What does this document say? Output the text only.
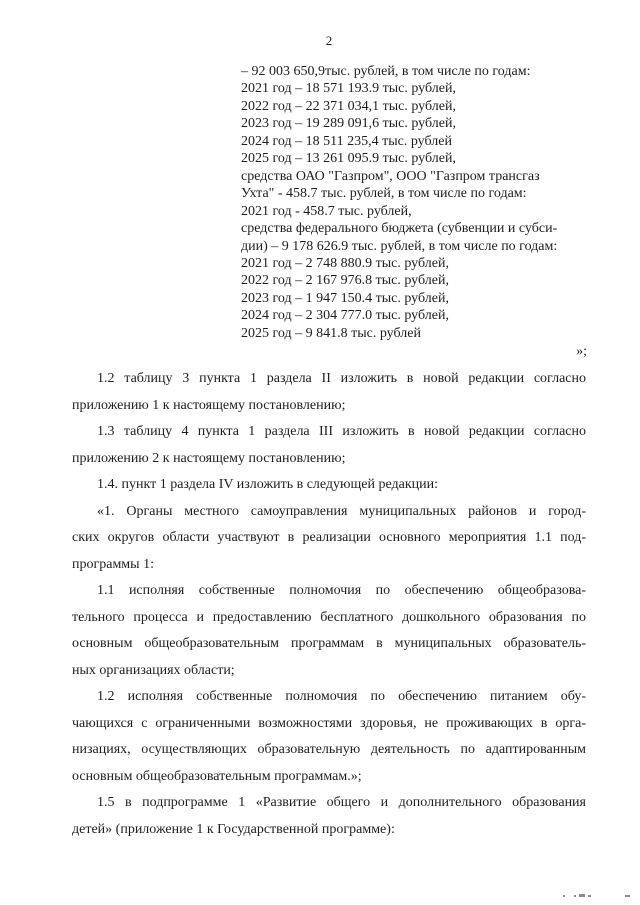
2
– 92 003 650,9тыс. рублей, в том числе по годам:
2021 год – 18 571 193.9 тыс. рублей,
2022 год – 22 371 034,1 тыс. рублей,
2023 год – 19 289 091,6 тыс. рублей,
2024 год – 18 511 235,4 тыс. рублей
2025 год – 13 261 095.9 тыс. рублей,
средства ОАО "Газпром", ООО "Газпром трансгаз
Ухта" - 458.7 тыс. рублей, в том числе по годам:
2021 год - 458.7 тыс. рублей,
средства федерального бюджета (субвенции и субси-
дии) – 9 178 626.9 тыс. рублей, в том числе по годам:
2021 год – 2 748 880.9 тыс. рублей,
2022 год – 2 167 976.8 тыс. рублей,
2023 год – 1 947 150.4 тыс. рублей,
2024 год – 2 304 777.0 тыс. рублей,
2025 год – 9 841.8 тыс. рублей
»;
1.2 таблицу 3 пункта 1 раздела II изложить в новой редакции согласно
приложению 1 к настоящему постановлению;
1.3 таблицу 4 пункта 1 раздела III изложить в новой редакции согласно
приложению 2 к настоящему постановлению;
1.4. пункт 1 раздела IV изложить в следующей редакции:
«1. Органы местного самоуправления муниципальных районов и город-
ских округов области участвуют в реализации основного мероприятия 1.1 под-
программы 1:
1.1 исполняя собственные полномочия по обеспечению общеобразова-
тельного процесса и предоставлению бесплатного дошкольного образования по
основным общеобразовательным программам в муниципальных образователь-
ных организациях области;
1.2 исполняя собственные полномочия по обеспечению питанием обу-
чающихся с ограниченными возможностями здоровья, не проживающих в орга-
низациях, осуществляющих образовательную деятельность по адаптированным
основным общеобразовательным программам.»;
1.5 в подпрограмме 1 «Развитие общего и дополнительного образования
детей» (приложение 1 к Государственной программе):
